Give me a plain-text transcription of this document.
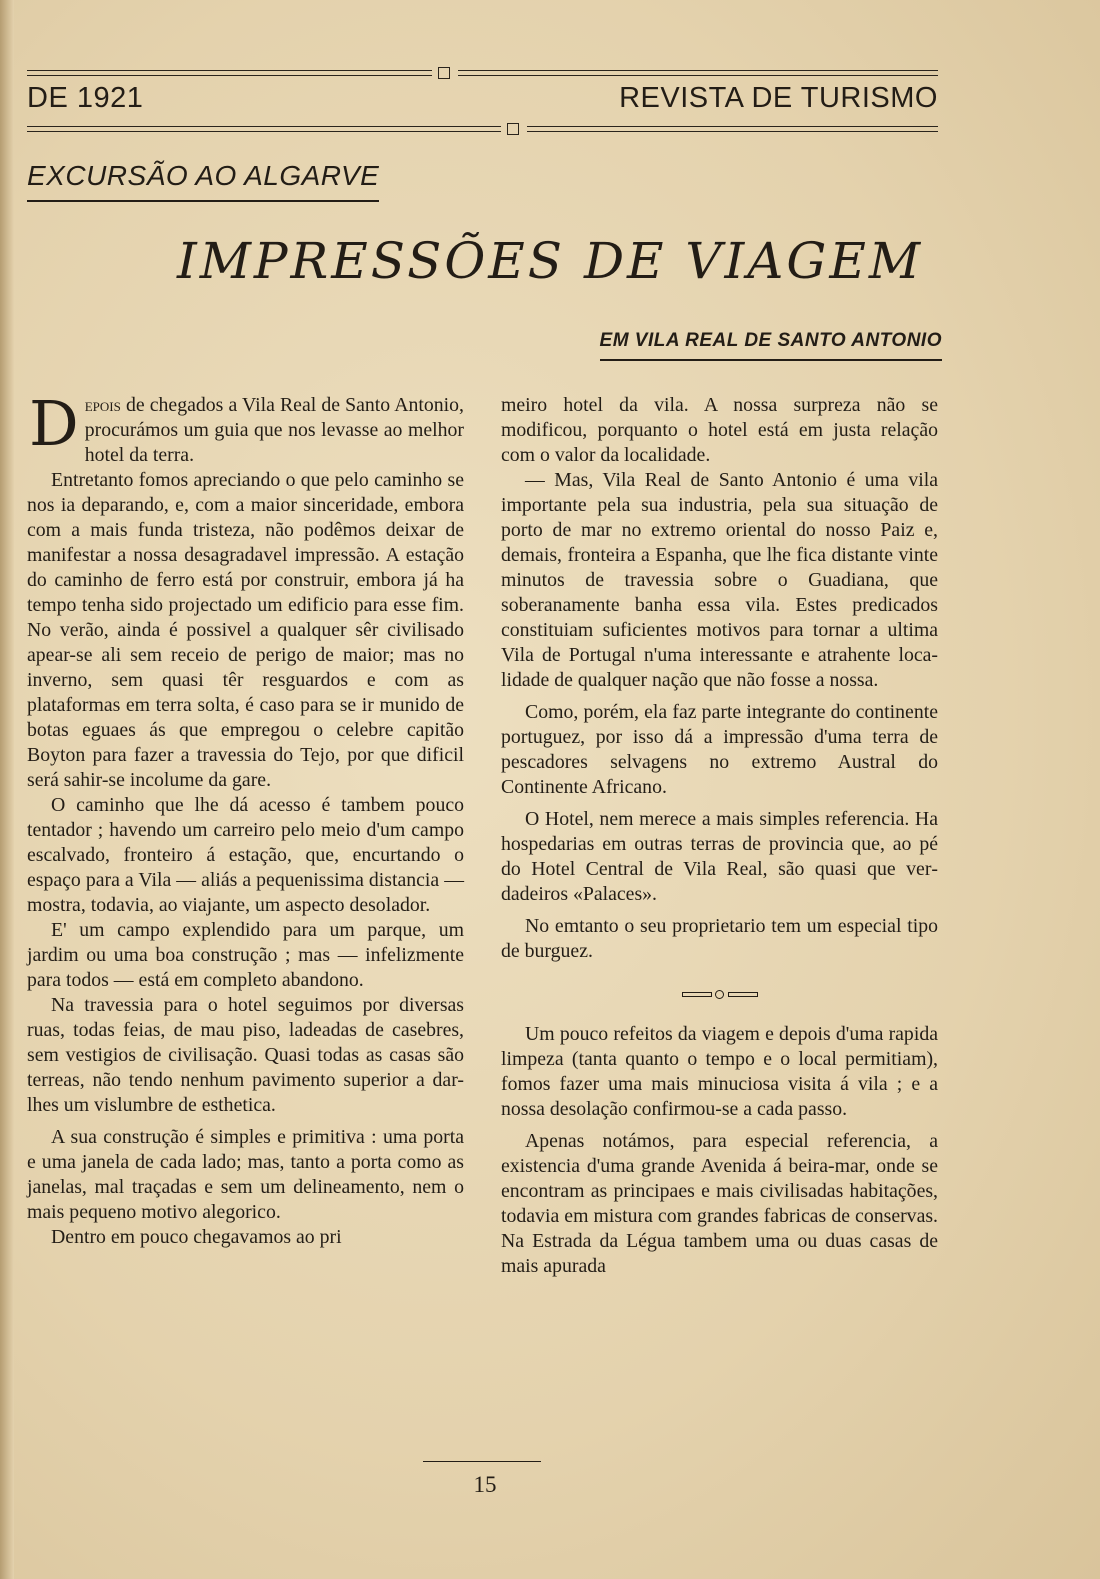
DE 1921	REVISTA DE TURISMO
EXCURSÃO AO ALGARVE
IMPRESSÕES DE VIAGEM
EM VILA REAL DE SANTO ANTONIO

Depois de chegados a Vila Real de Santo Antonio, procurámos um guia que nos levasse ao melhor hotel da terra.

Entretanto fomos apreciando o que pelo caminho se nos ia deparando, e, com a maior sinceridade, embora com a mais funda tristeza, não podêmos deixar de manifestar a nossa desagradavel impressão. A estação do caminho de ferro está por construir, embora já ha tempo tenha sido projectado um edificio para esse fim. No verão, ainda é possivel a qualquer sêr civilisado apear-se ali sem receio de perigo de maior; mas no inverno, sem quasi têr resguardos e com as plataformas em terra solta, é caso para se ir munido de botas eguaes ás que empregou o celebre capitão Boyton para fazer a travessia do Tejo, por que dificil será sahir-se incolume da gare.

O caminho que lhe dá acesso é tambem pouco tentador ; havendo um carreiro pelo meio d'um campo escalvado, fronteiro á estação, que, encurtando o espaço para a Vila — aliás a pequenissima distancia — mostra, todavia, ao viajante, um aspecto desolador.

E' um campo explendido para um parque, um jardim ou uma boa construção ; mas — infelizmente para todos — está em completo abandono.

Na travessia para o hotel seguimos por diversas ruas, todas feias, de mau piso, ladeadas de casebres, sem vestigios de civilisação. Quasi todas as casas são terreas, não tendo nenhum pavimento superior a dar-lhes um vislumbre de esthetica.

A sua construção é simples e primitiva : uma porta e uma janela de cada lado; mas, tanto a porta como as janelas, mal traçadas e sem um delineamento, nem o mais pequeno motivo alegorico.

Dentro em pouco chegavamos ao pri

meiro hotel da vila. A nossa surpreza não se modificou, porquanto o hotel está em justa relação com o valor da localidade.

— Mas, Vila Real de Santo Antonio é uma vila importante pela sua industria, pela sua situação de porto de mar no extremo oriental do nosso Paiz e, demais, fronteira a Espanha, que lhe fica distante vinte minutos de travessia sobre o Guadiana, que soberanamente banha essa vila. Estes predicados constituiam suficientes motivos para tornar a ultima Vila de Portugal n'uma interessante e atrahente localidade de qualquer nação que não fosse a nossa.

Como, porém, ela faz parte integrante do continente portuguez, por isso dá a impressão d'uma terra de pescadores selvagens no extremo Austral do Continente Africano.

O Hotel, nem merece a mais simples referencia. Ha hospedarias em outras terras de provincia que, ao pé do Hotel Central de Vila Real, são quasi que verdadeiros «Palaces».

No emtanto o seu proprietario tem um especial tipo de burguez.

Um pouco refeitos da viagem e depois d'uma rapida limpeza (tanta quanto o tempo e o local permitiam), fomos fazer uma mais minuciosa visita á vila ; e a nossa desolação confirmou-se a cada passo.

Apenas notámos, para especial referencia, a existencia d'uma grande Avenida á beira-mar, onde se encontram as principaes e mais civilisadas habitações, todavia em mistura com grandes fabricas de conservas. Na Estrada da Légua tambem uma ou duas casas de mais apurada

15
